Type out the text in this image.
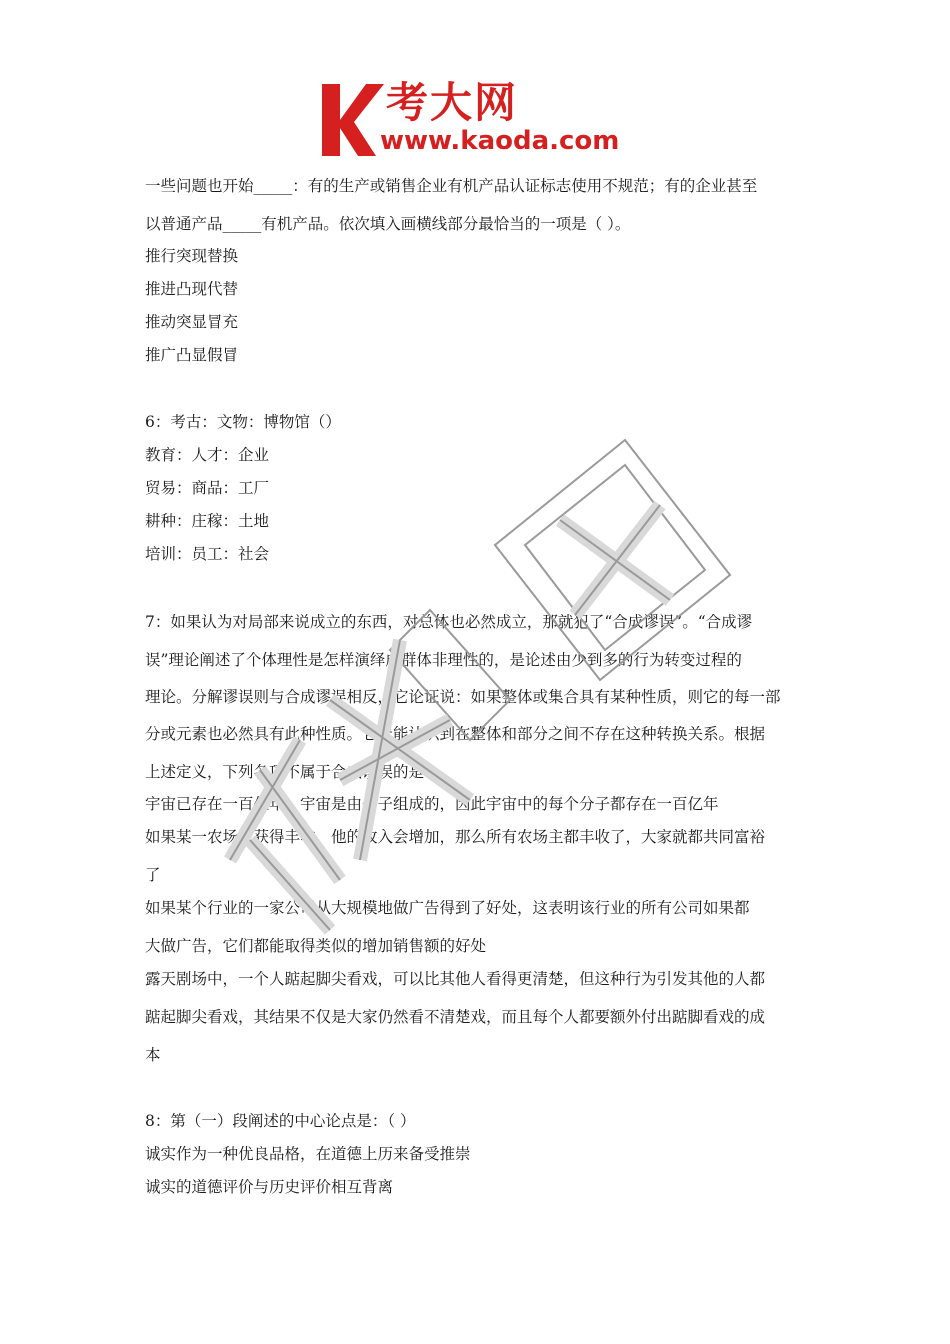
考大网
www.kaoda.com
一些问题也开始_____：有的生产或销售企业有机产品认证标志使用不规范；有的企业甚至
以普通产品_____有机产品。依次填入画横线部分最恰当的一项是（ ）。
推行突现替换
推进凸现代替
推动突显冒充
推广凸显假冒
6：考古：文物：博物馆（）
教育：人才：企业
贸易：商品：工厂
耕种：庄稼：土地
培训：员工：社会
7：如果认为对局部来说成立的东西，对总体也必然成立，那就犯了“合成谬误”。“合成谬
误”理论阐述了个体理性是怎样演绎成群体非理性的，是论述由少到多的行为转变过程的
理论。分解谬误则与合成谬误相反，它论证说：如果整体或集合具有某种性质，则它的每一部
分或元素也必然具有此种性质。它未能认识到在整体和部分之间不存在这种转换关系。根据
上述定义，下列各项不属于合成谬误的是：
宇宙已存在一百亿年，宇宙是由分子组成的，因此宇宙中的每个分子都存在一百亿年
如果某一农场主获得丰收，他的收入会增加，那么所有农场主都丰收了，大家就都共同富裕
了
如果某个行业的一家公司从大规模地做广告得到了好处，这表明该行业的所有公司如果都
大做广告，它们都能取得类似的增加销售额的好处
露天剧场中，一个人踮起脚尖看戏，可以比其他人看得更清楚，但这种行为引发其他的人都
踮起脚尖看戏，其结果不仅是大家仍然看不清楚戏，而且每个人都要额外付出踮脚看戏的成
本
8：第（一）段阐述的中心论点是：（ ）
诚实作为一种优良品格，在道德上历来备受推崇
诚实的道德评价与历史评价相互背离
